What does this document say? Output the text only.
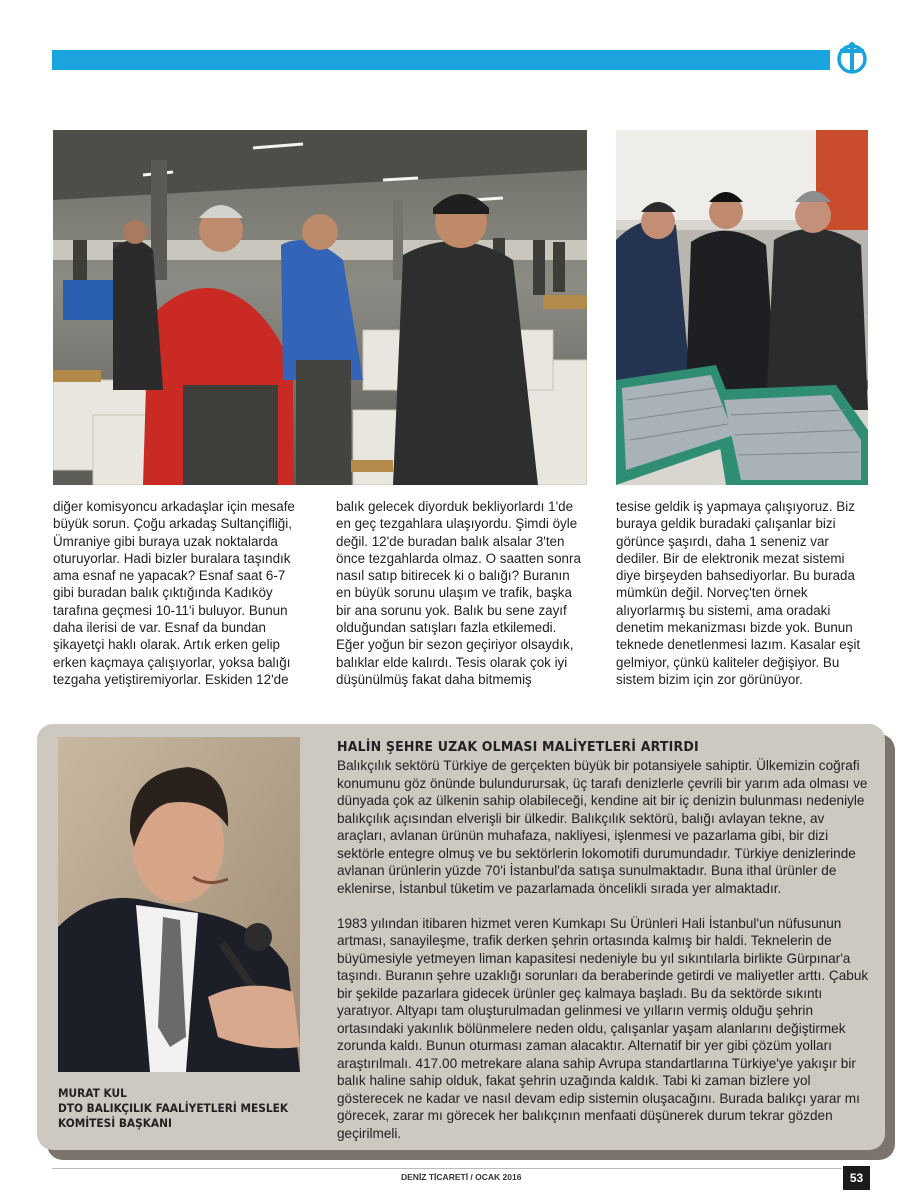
diğer komisyoncu arkadaşlar için mesafe büyük sorun. Çoğu arkadaş Sultançifliği, Ümraniye gibi buraya uzak noktalarda oturuyorlar. Hadi bizler buralara taşındık ama esnaf ne yapacak? Esnaf saat 6-7 gibi buradan balık çıktığında Kadıköy tarafına geçmesi 10-11'i buluyor. Bunun daha ilerisi de var. Esnaf da bundan şikayetçi haklı olarak. Artık erken gelip erken kaçmaya çalışıyorlar, yoksa balığı tezgaha yetiştiremiyorlar. Eskiden 12'de

balık gelecek diyorduk bekliyorlardı 1'de en geç tezgahlara ulaşıyordu. Şimdi öyle değil. 12'de buradan balık alsalar 3'ten önce tezgahlarda olmaz. O saatten sonra nasıl satıp bitirecek ki o balığı? Buranın en büyük sorunu ulaşım ve trafik, başka bir ana sorunu yok. Balık bu sene zayıf olduğundan satışları fazla etkilemedi. Eğer yoğun bir sezon geçiriyor olsaydık, balıklar elde kalırdı. Tesis olarak çok iyi düşünülmüş fakat daha bitmemiş

tesise geldik iş yapmaya çalışıyoruz. Biz buraya geldik buradaki çalışanlar bizi görünce şaşırdı, daha 1 seneniz var dediler. Bir de elektronik mezat sistemi diye birşeyden bahsediyorlar. Bu burada mümkün değil. Norveç'ten örnek alıyorlarmış bu sistemi, ama oradaki denetim mekanizması bizde yok. Bunun teknede denetlenmesi lazım. Kasalar eşit gelmiyor, çünkü kaliteler değişiyor. Bu sistem bizim için zor görünüyor.

HALİN ŞEHRE UZAK OLMASI MALİYETLERİ ARTIRDI

Balıkçılık sektörü Türkiye de gerçekten büyük bir potansiyele sahiptir. Ülkemizin coğrafi konumunu göz önünde bulundurursak, üç tarafı denizlerle çevrili bir yarım ada olması ve dünyada çok az ülkenin sahip olabileceği, kendine ait bir iç denizin bulunması nedeniyle balıkçılık açısından elverişli bir ülkedir. Balıkçılık sektörü, balığı avlayan tekne, av araçları, avlanan ürünün muhafaza, nakliyesi, işlenmesi ve pazarlama gibi, bir dizi sektörle entegre olmuş ve bu sektörlerin lokomotifi durumundadır. Türkiye denizlerinde avlanan ürünlerin yüzde 70'i İstanbul'da satışa sunulmaktadır. Buna ithal ürünler de eklenirse, İstanbul tüketim ve pazarlamada öncelikli sırada yer almaktadır.

1983 yılından itibaren hizmet veren Kumkapı Su Ürünleri Hali İstanbul'un nüfusunun artması, sanayileşme, trafik derken şehrin ortasında kalmış bir haldi. Teknelerin de büyümesiyle yetmeyen liman kapasitesi nedeniyle bu yıl sıkıntılarla birlikte Gürpınar'a taşındı. Buranın şehre uzaklığı sorunları da beraberinde getirdi ve maliyetler arttı. Çabuk bir şekilde pazarlara gidecek ürünler geç kalmaya başladı. Bu da sektörde sıkıntı yaratıyor. Altyapı tam oluşturulmadan gelinmesi ve yılların vermiş olduğu şehrin ortasındaki yakınlık bölünmelere neden oldu, çalışanlar yaşam alanlarını değiştirmek zorunda kaldı. Bunun oturması zaman alacaktır. Alternatif bir yer gibi çözüm yolları araştırılmalı. 417.00 metrekare alana sahip Avrupa standartlarına Türkiye'ye yakışır bir balık haline sahip olduk, fakat şehrin uzağında kaldık. Tabi ki zaman bizlere yol gösterecek ne kadar ve nasıl devam edip sistemin oluşacağını. Burada balıkçı yarar mı görecek, zarar mı görecek her balıkçının menfaati düşünerek durum tekrar gözden geçirilmeli.

MURAT KUL
DTO BALIKÇILIK FAALİYETLERİ MESLEK
KOMİTESİ BAŞKANI
DENİZ TİCARETİ / OCAK 2016	53
